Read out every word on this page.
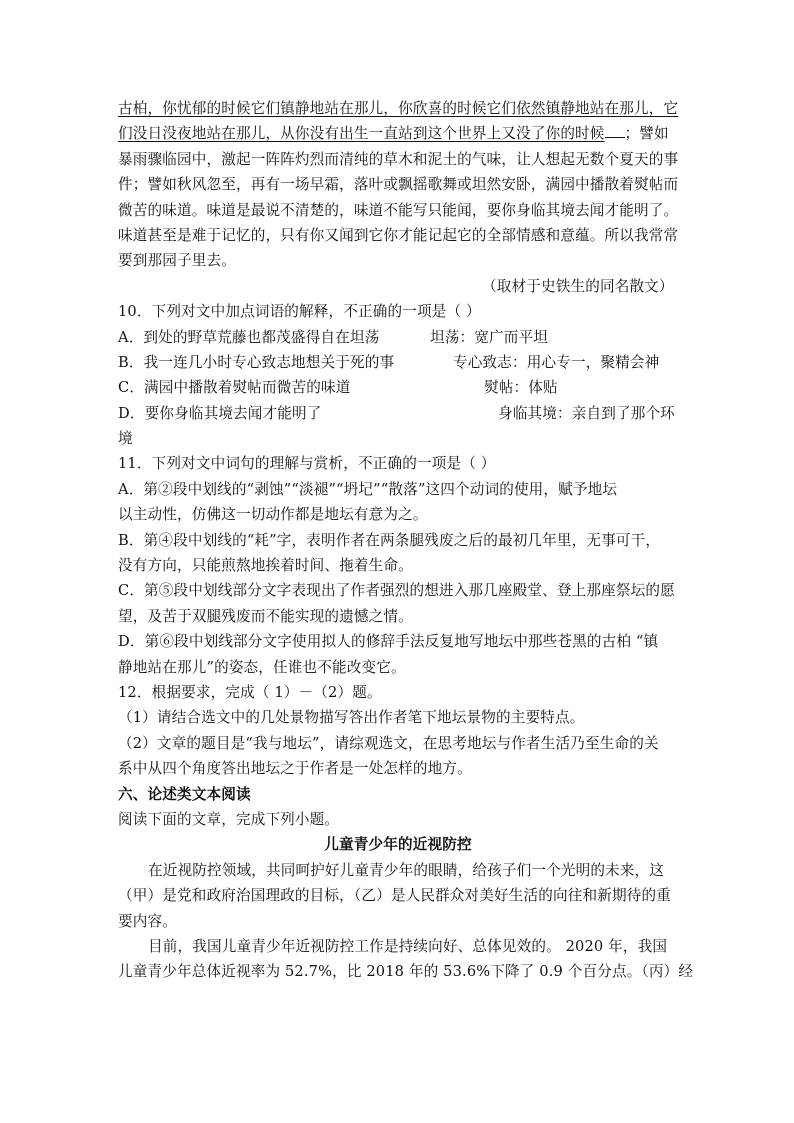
古柏，你忧郁的时候它们镇静地站在那儿，你欣喜的时候它们依然镇静地站在那儿，它
们没日没夜地站在那儿，从你没有出生一直站到这个世界上又没了你的时候 ；譬如
暴雨骤临园中，激起一阵阵灼烈而清纯的草木和泥土的气味，让人想起无数个夏天的事
件；譬如秋风忽至，再有一场早霜，落叶或飘摇歌舞或坦然安卧，满园中播散着熨帖而
微苦的味道。味道是最说不清楚的，味道不能写只能闻，要你身临其境去闻才能明了。
味道甚至是难于记忆的，只有你又闻到它你才能记起它的全部情感和意蕴。所以我常常
要到那园子里去。
（取材于史铁生的同名散文）
10．下列对文中加点词语的解释，不正确的一项是（ ）
A．到处的野草荒藤也都茂盛得自在坦荡	坦荡：宽广而平坦
B．我一连几小时专心致志地想关于死的事	专心致志：用心专一，聚精会神
C．满园中播散着熨帖而微苦的味道	熨帖：体贴
D．要你身临其境去闻才能明了	身临其境：亲自到了那个环
境
11．下列对文中词句的理解与赏析，不正确的一项是（ ）
A．第②段中划线的“剥蚀”“淡褪”“坍圮”“散落”这四个动词的使用，赋予地坛
以主动性，仿佛这一切动作都是地坛有意为之。
B．第④段中划线的“耗”字，表明作者在两条腿残废之后的最初几年里，无事可干，
没有方向，只能煎熬地挨着时间、拖着生命。
C．第⑤段中划线部分文字表现出了作者强烈的想进入那几座殿堂、登上那座祭坛的愿
望，及苦于双腿残废而不能实现的遗憾之情。
D．第⑥段中划线部分文字使用拟人的修辞手法反复地写地坛中那些苍黑的古柏 “镇
静地站在那儿”的姿态，任谁也不能改变它。
12．根据要求，完成（ 1）－（2）题。
（1）请结合选文中的几处景物描写答出作者笔下地坛景物的主要特点。
（2）文章的题目是“我与地坛”，请综观选文，在思考地坛与作者生活乃至生命的关
系中从四个角度答出地坛之于作者是一处怎样的地方。
六、论述类文本阅读
阅读下面的文章，完成下列小题。
儿童青少年的近视防控
在近视防控领域，共同呵护好儿童青少年的眼睛，给孩子们一个光明的未来，这
（甲）是党和政府治国理政的目标，（乙）是人民群众对美好生活的向往和新期待的重
要内容。
目前，我国儿童青少年近视防控工作是持续向好、总体见效的。 2020 年，我国
儿童青少年总体近视率为 52.7%，比 2018 年的 53.6%下降了 0.9 个百分点。（丙）经
